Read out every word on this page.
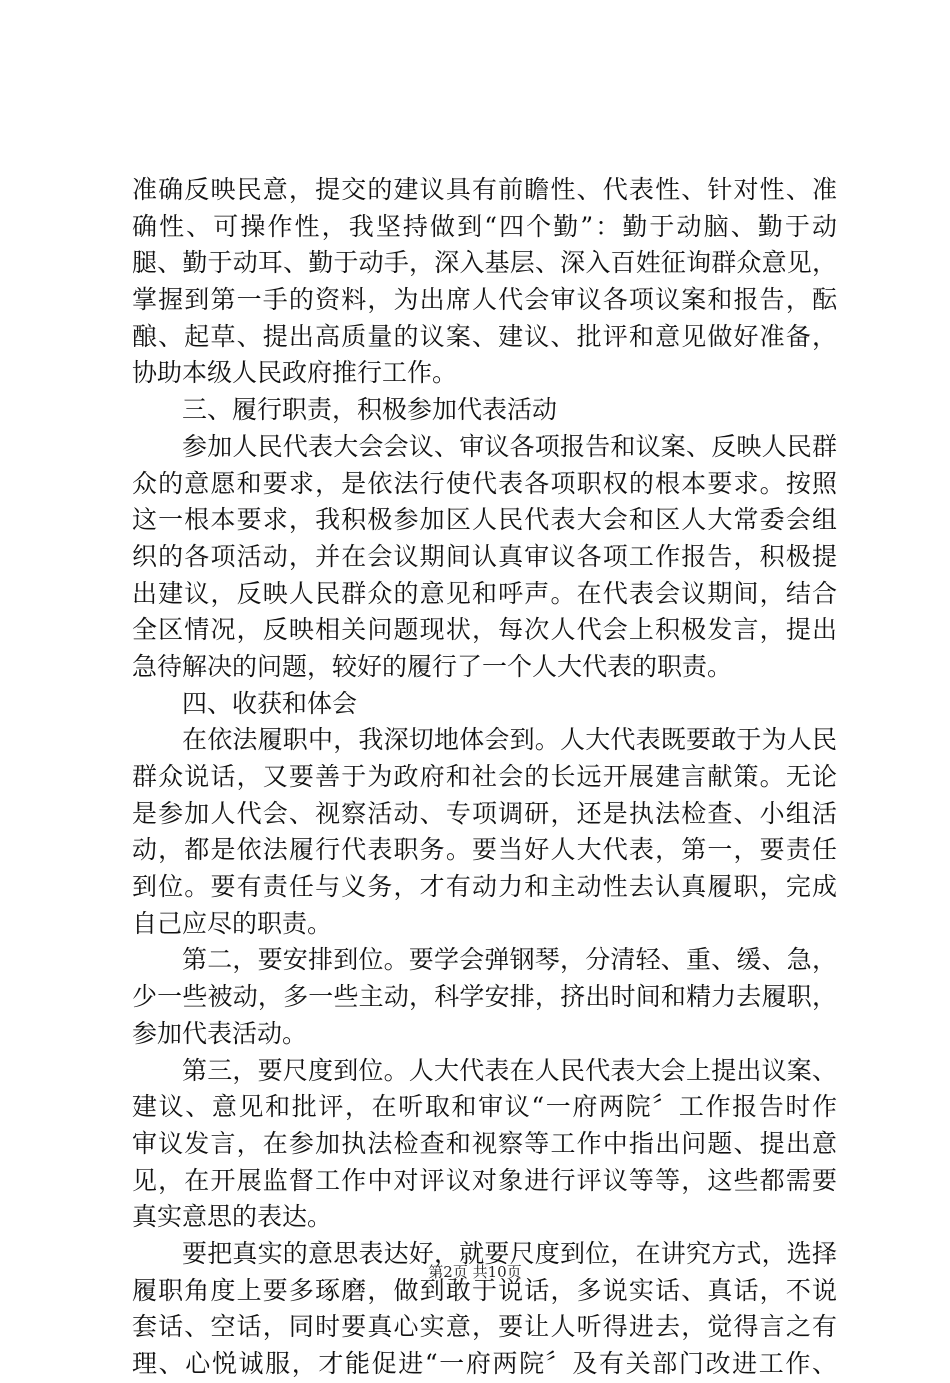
准确反映民意，提交的建议具有前瞻性、代表性、针对性、准
确性、可操作性，我坚持做到“四个勤”：勤于动脑、勤于动
腿、勤于动耳、勤于动手，深入基层、深入百姓征询群众意见，
掌握到第一手的资料，为出席人代会审议各项议案和报告，酝
酿、起草、提出高质量的议案、建议、批评和意见做好准备，
协助本级人民政府推行工作。
三、履行职责，积极参加代表活动
参加人民代表大会会议、审议各项报告和议案、反映人民群
众的意愿和要求，是依法行使代表各项职权的根本要求。按照
这一根本要求，我积极参加区人民代表大会和区人大常委会组
织的各项活动，并在会议期间认真审议各项工作报告，积极提
出建议，反映人民群众的意见和呼声。在代表会议期间，结合
全区情况，反映相关问题现状，每次人代会上积极发言，提出
急待解决的问题，较好的履行了一个人大代表的职责。
四、收获和体会
在依法履职中，我深切地体会到。人大代表既要敢于为人民
群众说话，又要善于为政府和社会的长远开展建言献策。无论
是参加人代会、视察活动、专项调研，还是执法检查、小组活
动，都是依法履行代表职务。要当好人大代表，第一，要责任
到位。要有责任与义务，才有动力和主动性去认真履职，完成
自己应尽的职责。
第二，要安排到位。要学会弹钢琴，分清轻、重、缓、急，
少一些被动，多一些主动，科学安排，挤出时间和精力去履职，
参加代表活动。
第三，要尺度到位。人大代表在人民代表大会上提出议案、
建议、意见和批评，在听取和审议“一府两院〞工作报告时作
审议发言，在参加执法检查和视察等工作中指出问题、提出意
见，在开展监督工作中对评议对象进行评议等等，这些都需要
真实意思的表达。
要把真实的意思表达好，就要尺度到位，在讲究方式，选择
履职角度上要多琢磨，做到敢于说话，多说实话、真话，不说
套话、空话，同时要真心实意，要让人听得进去，觉得言之有
理、心悦诚服，才能促进“一府两院〞及有关部门改进工作、
第2页 共10页
